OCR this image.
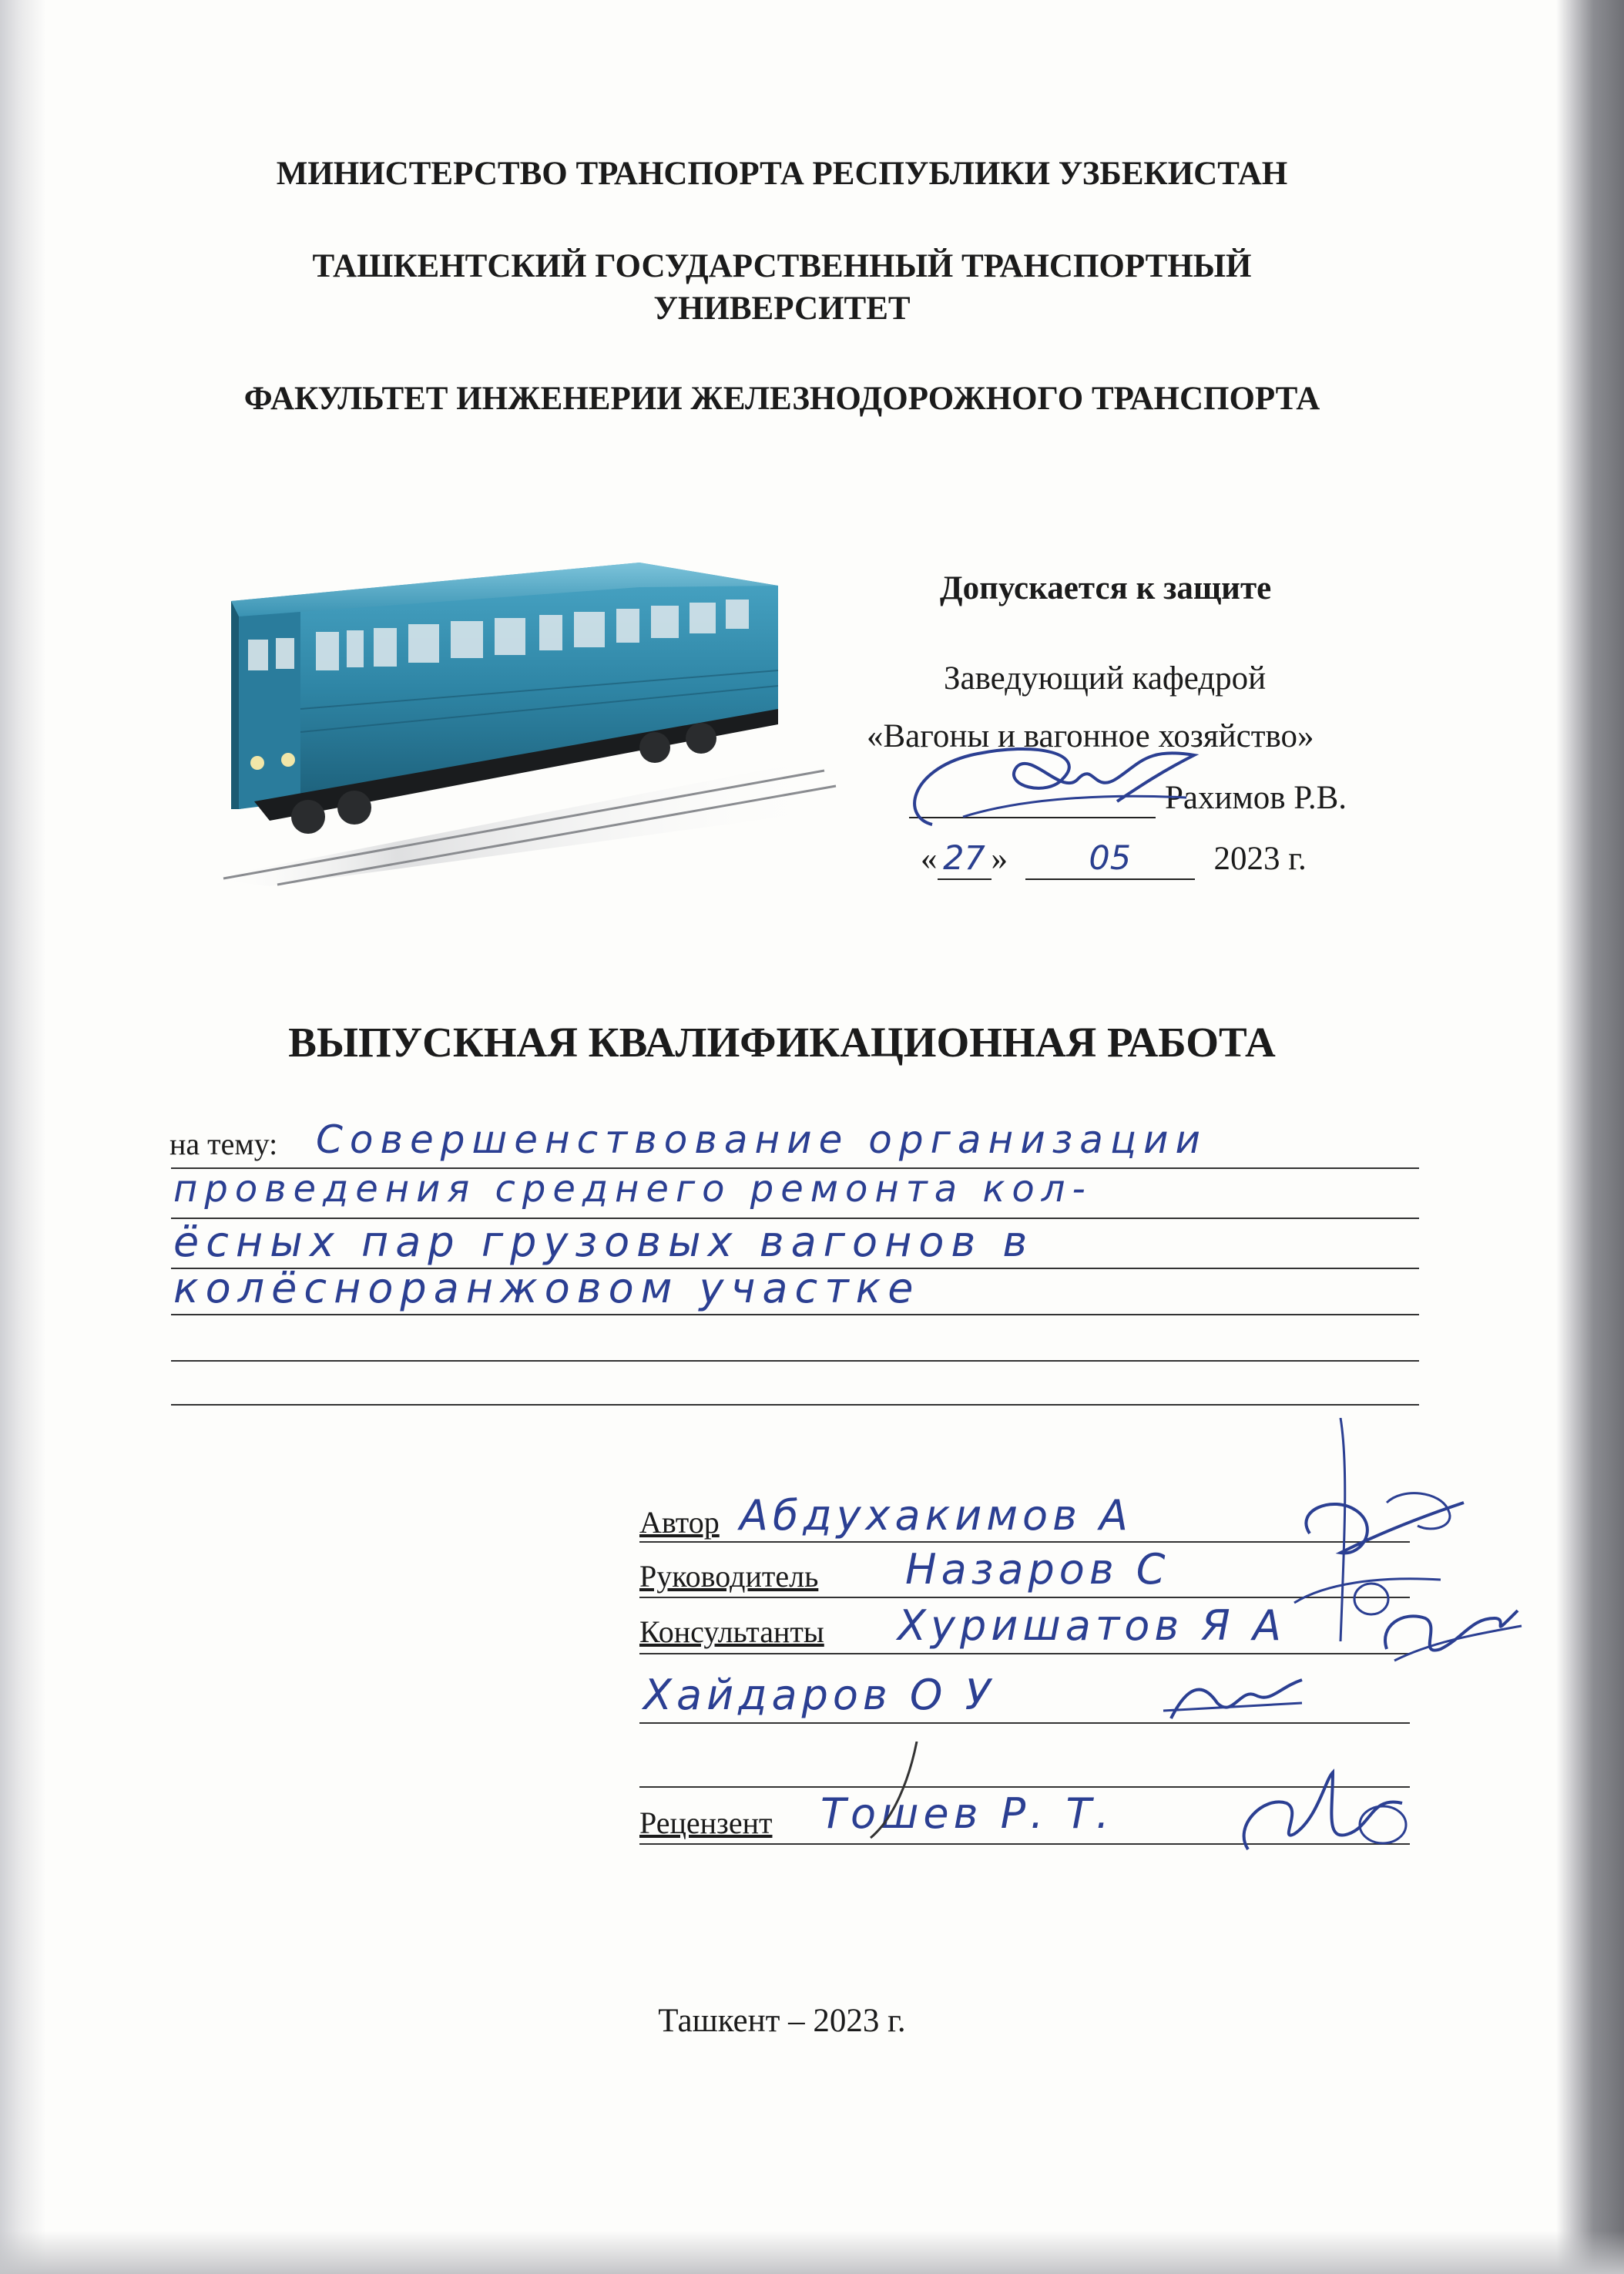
МИНИСТЕРСТВО ТРАНСПОРТА РЕСПУБЛИКИ УЗБЕКИСТАН
ТАШКЕНТСКИЙ ГОСУДАРСТВЕННЫЙ ТРАНСПОРТНЫЙ УНИВЕРСИТЕТ
ФАКУЛЬТЕТ ИНЖЕНЕРИИ ЖЕЛЕЗНОДОРОЖНОГО ТРАНСПОРТА
Допускается к защите
Заведующий кафедрой
«Вагоны и вагонное хозяйство»
Рахимов Р.В.
« 27 » 05 2023 г.
ВЫПУСКНАЯ КВАЛИФИКАЦИОННАЯ РАБОТА
на тему: Совершенствование организации
проведения среднего ремонта кол-
ёсных пар грузовых вагонов в
колёсноранжовом участке
Автор Абдухакимов А
Руководитель Назаров С
Консультанты Хуришатов Я А
Хайдаров О У
Рецензент Тошев Р. Т.
Ташкент – 2023 г.
